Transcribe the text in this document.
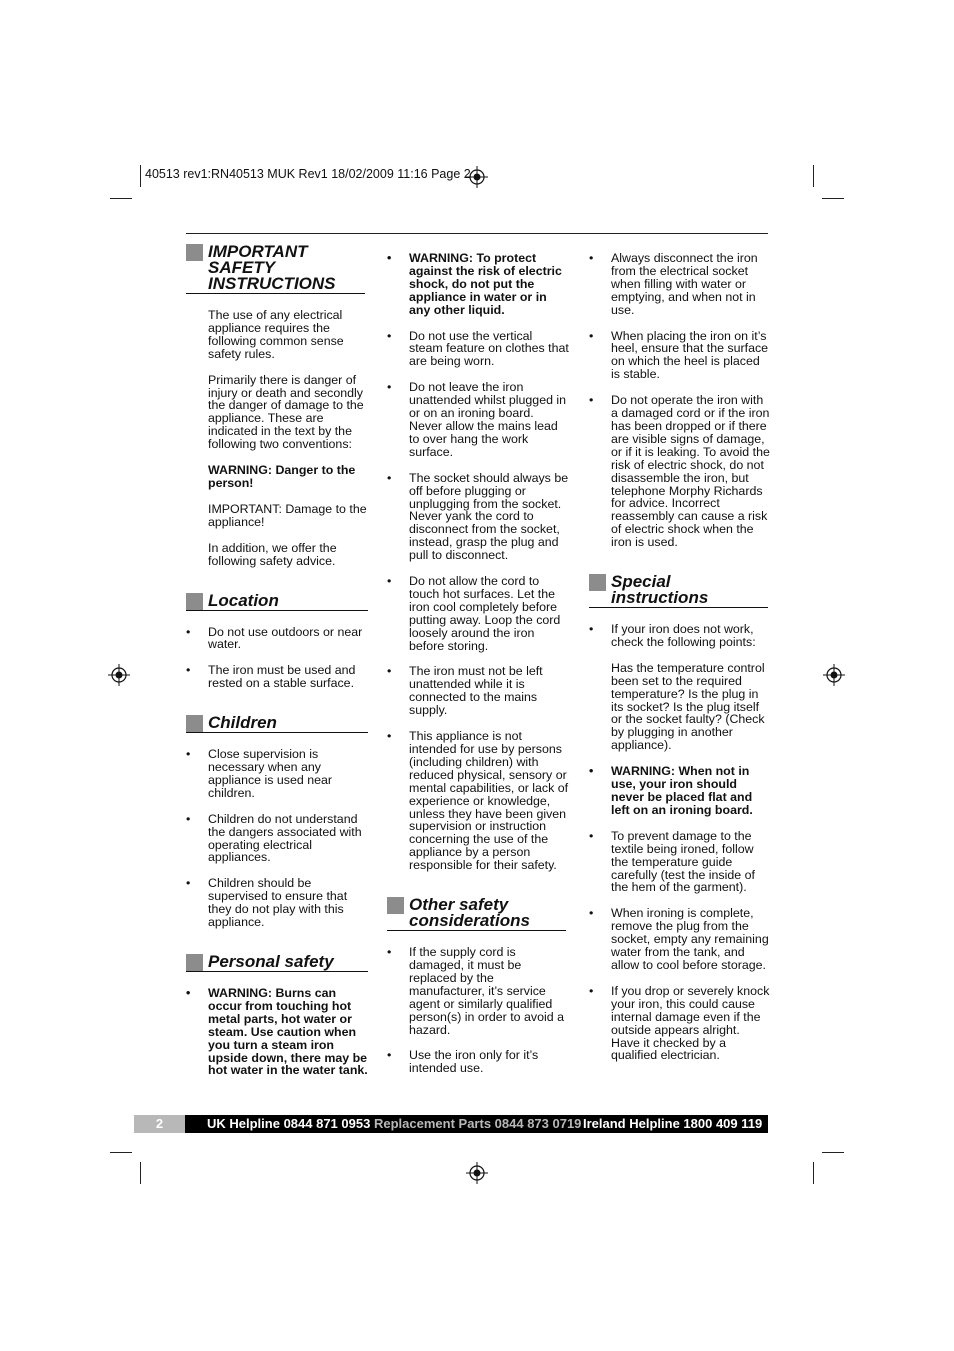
40513 rev1:RN40513 MUK Rev1 18/02/2009 11:16 Page 2
IMPORTANT SAFETY INSTRUCTIONS
The use of any electrical appliance requires the following common sense safety rules.
Primarily there is danger of injury or death and secondly the danger of damage to the appliance. These are indicated in the text by the following two conventions:
WARNING: Danger to the person!
IMPORTANT: Damage to the appliance!
In addition, we offer the following safety advice.
Location
• Do not use outdoors or near water.
• The iron must be used and rested on a stable surface.
Children
• Close supervision is necessary when any appliance is used near children.
• Children do not understand the dangers associated with operating electrical appliances.
• Children should be supervised to ensure that they do not play with this appliance.
Personal safety
• WARNING: Burns can occur from touching hot metal parts, hot water or steam. Use caution when you turn a steam iron upside down, there may be hot water in the water tank.
• WARNING: To protect against the risk of electric shock, do not put the appliance in water or in any other liquid.
• Do not use the vertical steam feature on clothes that are being worn.
• Do not leave the iron unattended whilst plugged in or on an ironing board. Never allow the mains lead to over hang the work surface.
• The socket should always be off before plugging or unplugging from the socket. Never yank the cord to disconnect from the socket, instead, grasp the plug and pull to disconnect.
• Do not allow the cord to touch hot surfaces. Let the iron cool completely before putting away. Loop the cord loosely around the iron before storing.
• The iron must not be left unattended while it is connected to the mains supply.
• This appliance is not intended for use by persons (including children) with reduced physical, sensory or mental capabilities, or lack of experience or knowledge, unless they have been given supervision or instruction concerning the use of the appliance by a person responsible for their safety.
Other safety considerations
• If the supply cord is damaged, it must be replaced by the manufacturer, it’s service agent or similarly qualified person(s) in order to avoid a hazard.
• Use the iron only for it’s intended use.
• Always disconnect the iron from the electrical socket when filling with water or emptying, and when not in use.
• When placing the iron on it’s heel, ensure that the surface on which the heel is placed is stable.
• Do not operate the iron with a damaged cord or if the iron has been dropped or if there are visible signs of damage, or if it is leaking. To avoid the risk of electric shock, do not disassemble the iron, but telephone Morphy Richards for advice. Incorrect reassembly can cause a risk of electric shock when the iron is used.
Special instructions
• If your iron does not work, check the following points:
Has the temperature control been set to the required temperature? Is the plug in its socket? Is the plug itself or the socket faulty? (Check by plugging in another appliance).
• WARNING: When not in use, your iron should never be placed flat and left on an ironing board.
• To prevent damage to the textile being ironed, follow the temperature guide carefully (test the inside of the hem of the garment).
• When ironing is complete, remove the plug from the socket, empty any remaining water from the tank, and allow to cool before storage.
• If you drop or severely knock your iron, this could cause internal damage even if the outside appears alright. Have it checked by a qualified electrician.
2	UK Helpline 0844 871 0953 Replacement Parts 0844 873 0719 Ireland Helpline 1800 409 119
